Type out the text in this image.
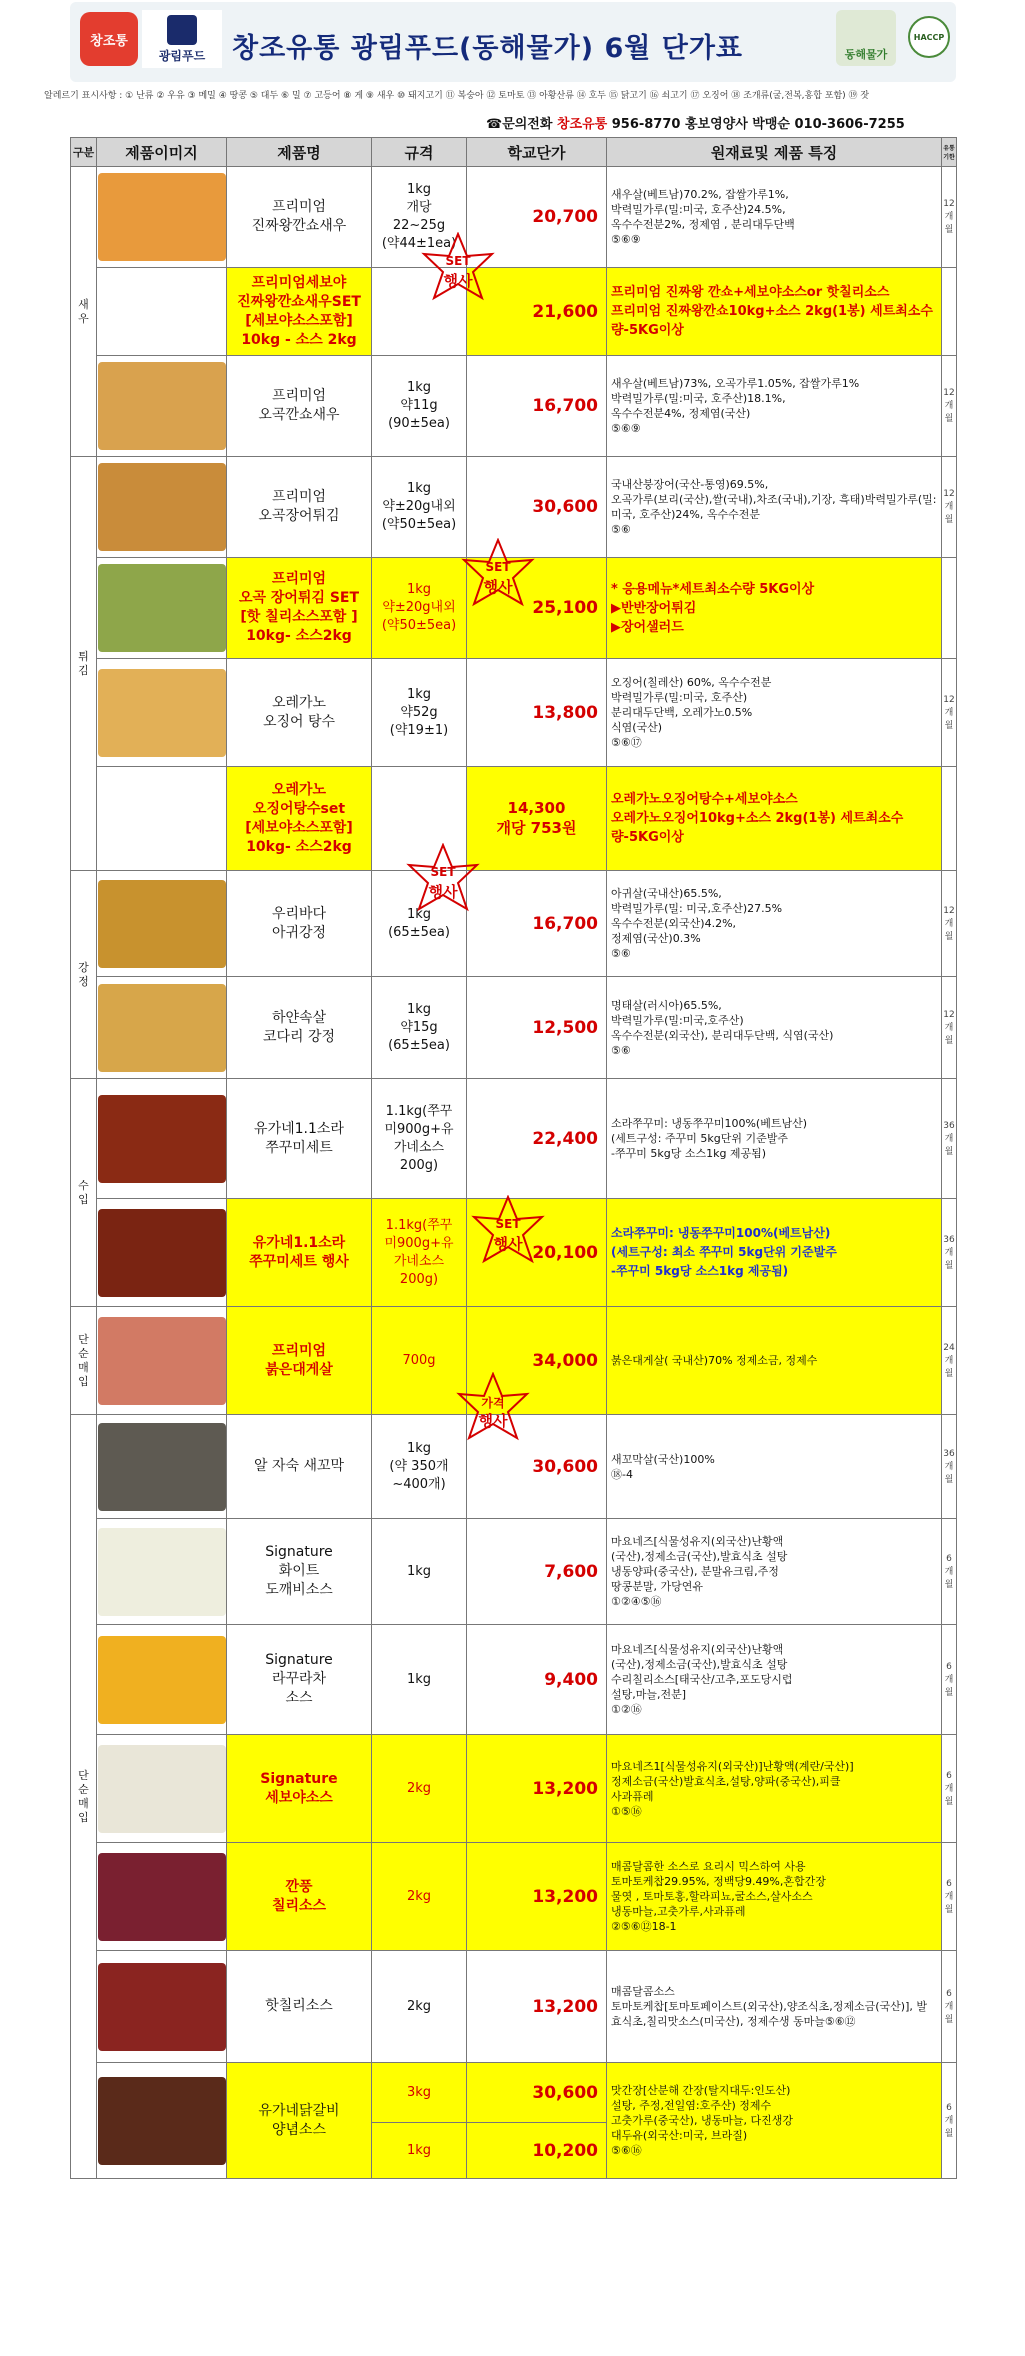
창조통
광림푸드 창조유통 광림푸드(동해물가) 6월 단가표	동해물가
HACCP
알레르기 표시사항 : ① 난류 ② 우유 ③ 메밀 ④ 땅콩 ⑤ 대두 ⑥ 밀 ⑦ 고등어 ⑧ 게 ⑨ 새우 ⑩ 돼지고기 ⑪ 복숭아 ⑫ 토마토 ⑬ 아황산류 ⑭ 호두 ⑮ 닭고기 ⑯ 쇠고기 ⑰ 오징어 ⑱ 조개류(굴,전복,홍합 포함) ⑲ 잣
☎문의전화 창조유통 956-8770 홍보영양사 박맹순 010-3606-7255
구분	제품이미지	제품명	규격	학교단가	원재료및 제품 특징	유통기한
새우		프리미엄
진짜왕깐쇼새우	1kg
개당
22~25g
(약44±1ea)	20,700	새우살(베트남)70.2%, 잡쌀가루1%,
박력밀가루(밀:미국, 호주산)24.5%,
옥수수전분2%, 정제염 , 분리대두단백
⑤⑥⑨	12개월
		프리미엄세보야
진짜왕깐쇼새우SET
[세보야소스포함]
10kg - 소스 2kg		21,600	프리미엄 진짜왕 깐쇼+세보야소스or 핫칠리소스
프리미엄 진짜왕깐쇼10kg+소스 2kg(1봉) 세트최소수량-5KG이상	

		프리미엄
오곡깐쇼새우	1kg
약11g
(90±5ea)	16,700	새우살(베트남)73%, 오곡가루1.05%, 잡쌀가루1%
박력밀가루(밀:미국, 호주산)18.1%,
옥수수전분4%, 정제염(국산)
⑤⑥⑨	12개월
튀김		프리미엄
오곡장어튀김	1kg
약±20g내외
(약50±5ea)	30,600	국내산붕장어(국산-통영)69.5%,
오곡가루(보리(국산),쌀(국내),차조(국내),기장, 흑태)박력밀가루(밀:미국, 호주산)24%, 옥수수전분
⑤⑥	12개월

		프리미엄
오곡 장어튀김 SET
[핫 칠리소스포함 ]
10kg- 소스2kg	1kg
약±20g내외
(약50±5ea)	25,100	* 응용메뉴*세트최소수량 5KG이상
▶반반장어튀김
▶장어샐러드	

		오레가노
오징어 탕수	1kg
약52g
(약19±1)	13,800	오징어(칠레산) 60%, 옥수수전분
박력밀가루(밀:미국, 호주산)
분리대두단백, 오레가노0.5%
식염(국산)
⑤⑥⑰	12개월
		오레가노
오징어탕수set
[세보야소스포함]
10kg- 소스2kg		14,300
개당 753원	오레가노오징어탕수+세보야소스
오레가노오징어10kg+소스 2kg(1봉) 세트최소수량-5KG이상	
강정		우리바다
아귀강정	1kg
(65±5ea)	16,700	아귀살(국내산)65.5%,
박력밀가루(밀: 미국,호주산)27.5%
옥수수전분(외국산)4.2%,
정제염(국산)0.3%
⑤⑥	12개월

		하얀속살
코다리 강정	1kg
약15g
(65±5ea)	12,500	명태살(러시아)65.5%,
박력밀가루(밀:미국,호주산)
옥수수전분(외국산), 분리대두단백, 식염(국산)
⑤⑥	12개월
수입		유가네1.1소라
쭈꾸미세트	1.1kg(쭈꾸
미900g+유
가네소스
200g)	22,400	소라쭈꾸미: 냉동쭈꾸미100%(베트남산)
(세트구성: 주꾸미 5kg단위 기준발주
-쭈꾸미 5kg당 소스1kg 제공됨)	36개월

		유가네1.1소라
쭈꾸미세트 행사	1.1kg(쭈꾸
미900g+유
가네소스
200g)	20,100	소라쭈꾸미: 냉동쭈꾸미100%(베트남산)
(세트구성: 최소 쭈꾸미 5kg단위 기준발주
-쭈꾸미 5kg당 소스1kg 제공됨)	36개월
단순매입		프리미엄
붉은대게살	700g	34,000	붉은대게살( 국내산)70% 정제소금, 정제수	24개월
단순매입		알 자숙 새꼬막	1kg
(약 350개
~400개)	30,600	새꼬막살(국산)100%
⑱-4	36개월

		Signature
화이트
도깨비소스	1kg	7,600	마요네즈[식물성유지(외국산)난황액
(국산),정제소금(국산),발효식초 설탕
냉동양파(중국산), 분말유크림,주정
땅콩분말, 가당연유
①②④⑤⑯	6개월

		Signature
라꾸라차
소스	1kg	9,400	마요네즈[식물성유지(외국산)난황액
(국산),정제소금(국산),발효식초 설탕
수리칠리소스[태국산/고추,포도당시럽
설탕,마늘,전분]
①②⑯	6개월

		Signature
세보야소스	2kg	13,200	마요네즈1[식물성유지(외국산)]난황액(계란/국산)]
정제소금(국산)발효식초,설탕,양파(중국산),피클
사과퓨레
①⑤⑯	6개월

		깐풍
칠리소스	2kg	13,200	매콤달콤한 소스로 요리시 믹스하여 사용
토마토케찹29.95%, 정백당9.49%,혼합간장
물엿 , 토마토홍,할라피뇨,굴소스,살사소스
냉동마늘,고춧가루,사과퓨레
②⑤⑥⑫18-1	6개월

		핫칠리소스	2kg	13,200	매콤달콤소스
토마토케찹[토마토페이스트(외국산),양조식초,정제소금(국산)], 발효식초,칠리맛소스(미국산), 정제수생 동마늘⑤⑥⑫	6개월

		유가네닭갈비
양념소스	3kg	30,600	맛간장[산분해 간장(탈지대두:인도산)
설탕, 주정,전일염:호주산) 정제수
고춧가루(중국산), 냉동마늘, 다진생강
대두유(외국산:미국, 브라질)
⑤⑥⑯	6개월
			1kg	10,200		
SET
행사
SET
행사
SET
행사
SET
행사
가격
행사
